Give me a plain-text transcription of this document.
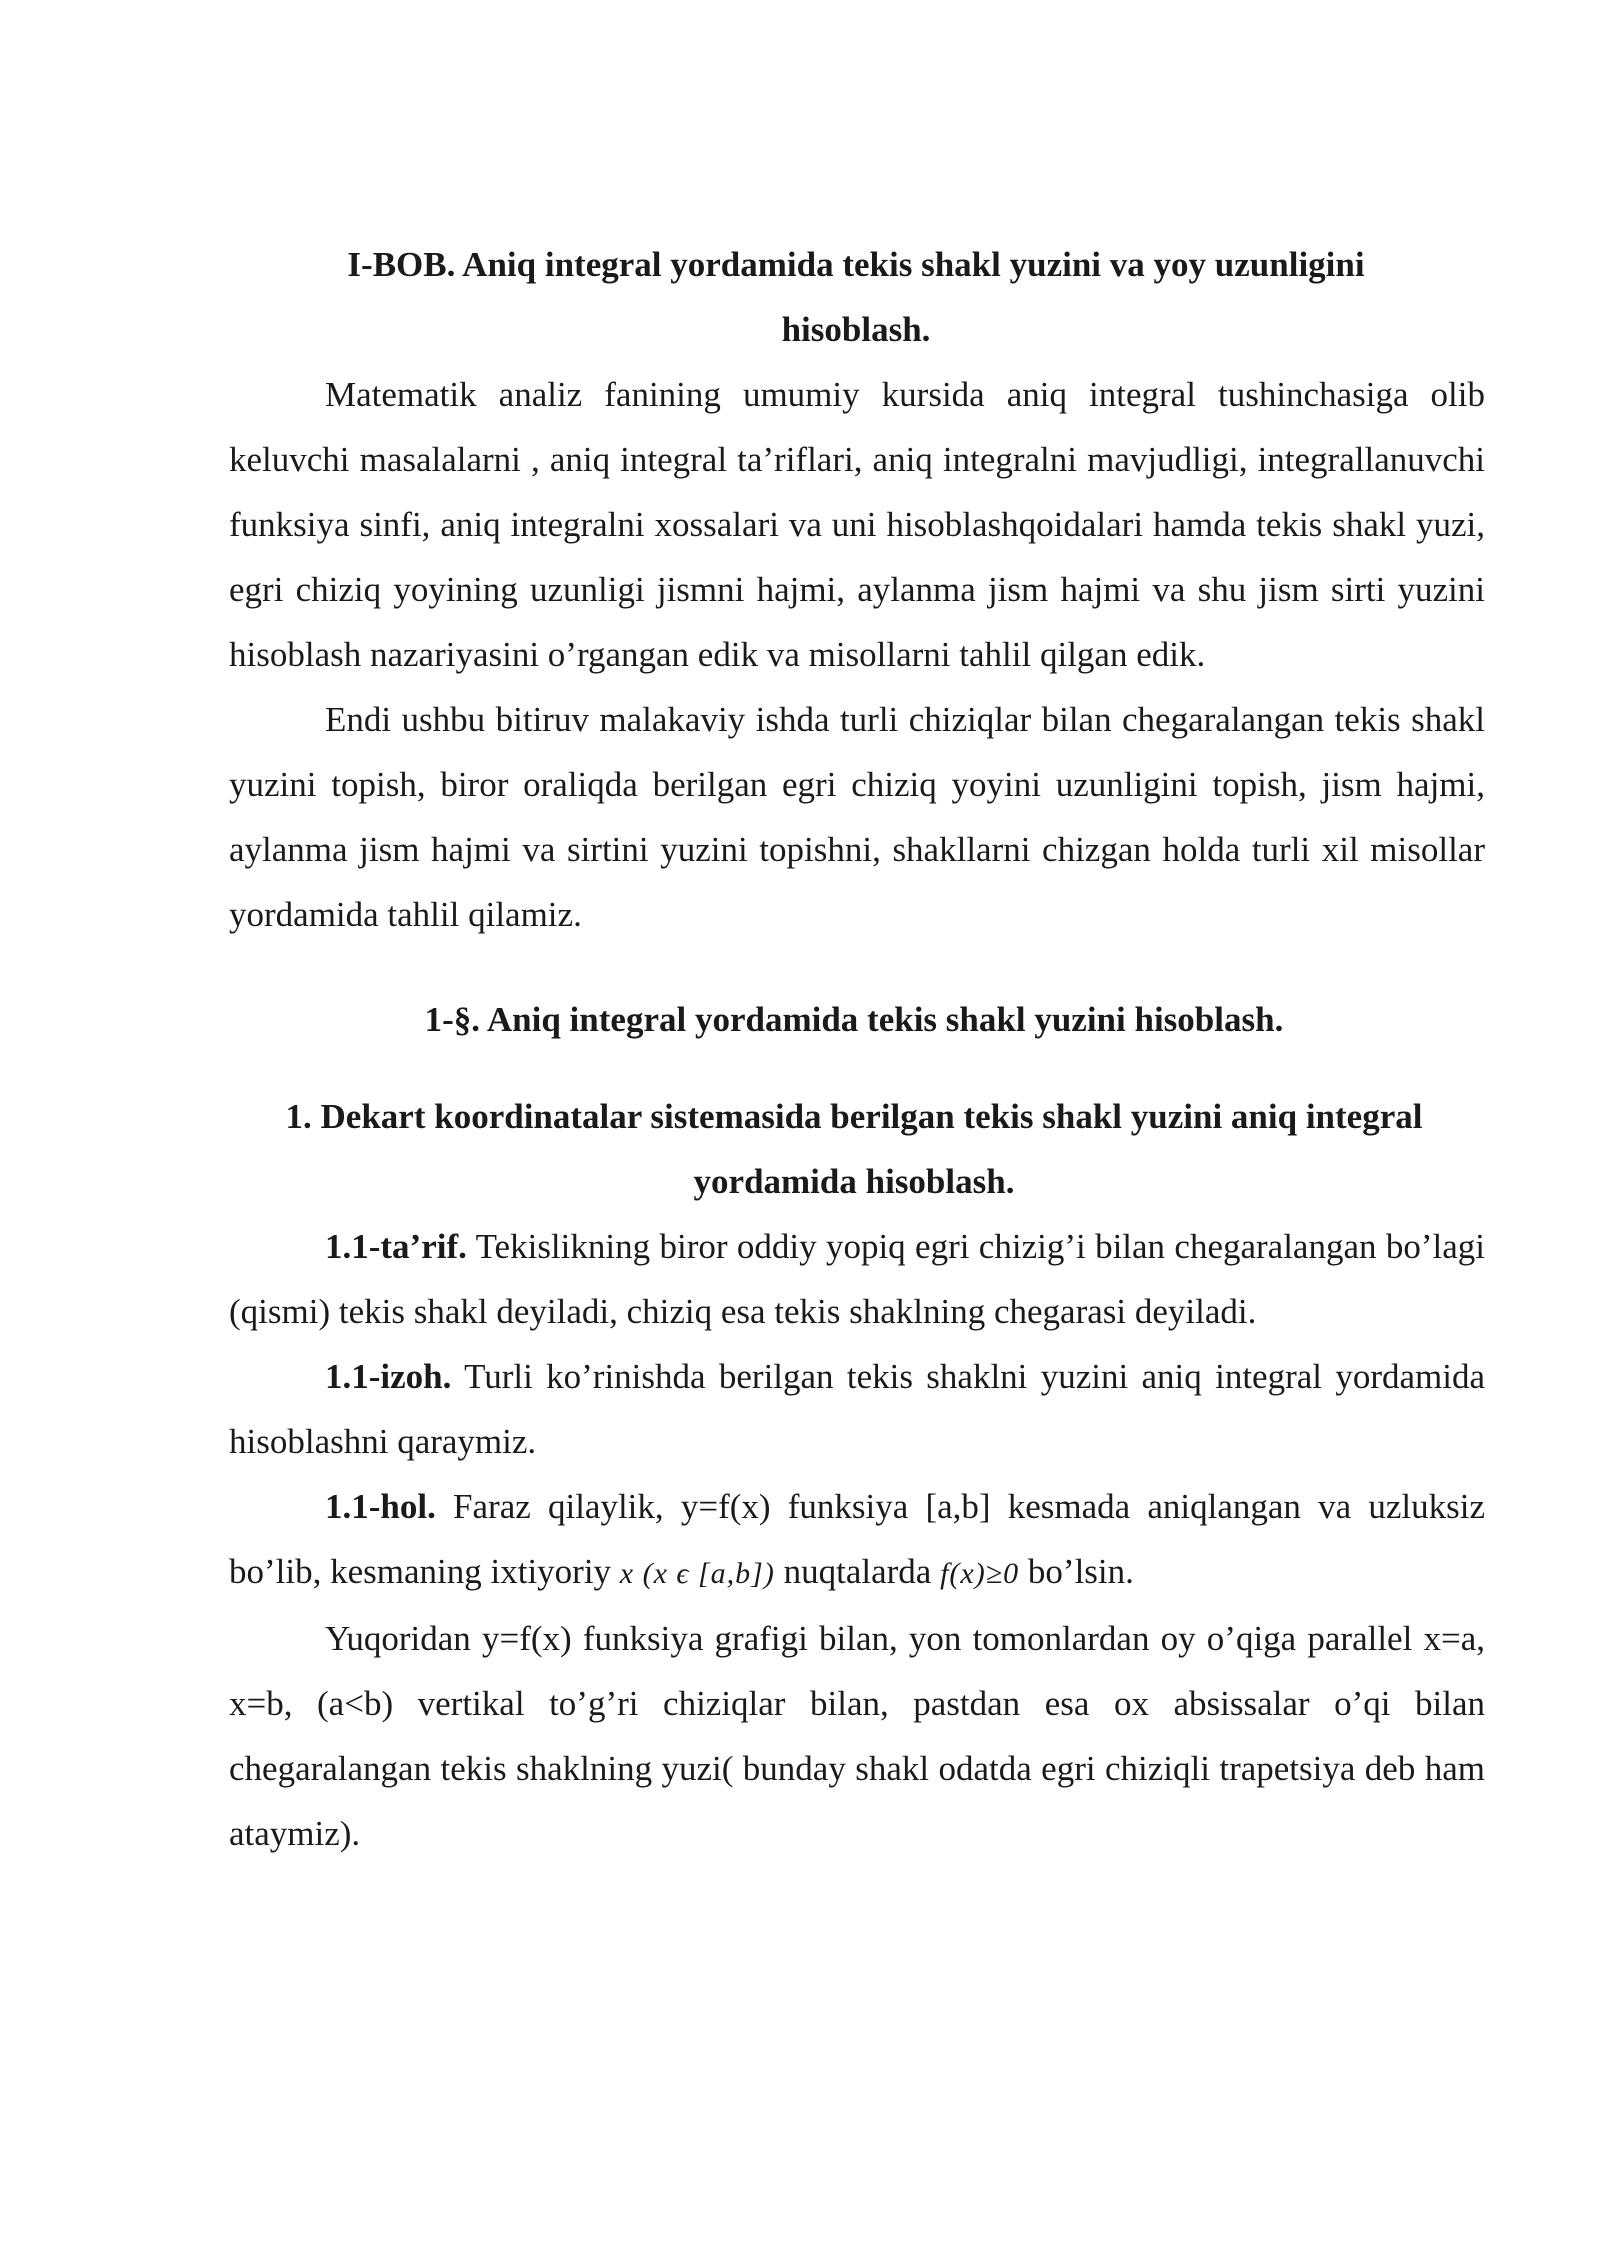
I-BOB. Aniq integral yordamida tekis shakl yuzini va yoy uzunligini
hisoblash.

Matematik analiz fanining umumiy kursida aniq integral tushinchasiga olib keluvchi masalalarni , aniq integral ta’riflari, aniq integralni mavjudligi, integrallanuvchi funksiya sinfi, aniq integralni xossalari va uni hisoblashqoidalari hamda tekis shakl yuzi, egri chiziq yoyining uzunligi jismni hajmi, aylanma jism hajmi va shu jism sirti yuzini hisoblash nazariyasini o’rgangan edik va misollarni tahlil qilgan edik.

Endi ushbu bitiruv malakaviy ishda turli chiziqlar bilan chegaralangan tekis shakl yuzini topish, biror oraliqda berilgan egri chiziq yoyini uzunligini topish, jism hajmi, aylanma jism hajmi va sirtini yuzini topishni, shakllarni chizgan holda turli xil misollar yordamida tahlil qilamiz.

1-§. Aniq integral yordamida tekis shakl yuzini hisoblash.
1. Dekart koordinatalar sistemasida berilgan tekis shakl yuzini aniq integral
yordamida hisoblash.

1.1-ta’rif. Tekislikning biror oddiy yopiq egri chizig’i bilan chegaralangan bo’lagi (qismi) tekis shakl deyiladi, chiziq esa tekis shaklning chegarasi deyiladi.

1.1-izoh. Turli ko’rinishda berilgan tekis shaklni yuzini aniq integral yordamida hisoblashni qaraymiz.

1.1-hol. Faraz qilaylik, y=f(x) funksiya [a,b] kesmada aniqlangan va uzluksiz bo’lib, kesmaning ixtiyoriy x (x ϵ [a,b]) nuqtalarda f(x)≥0 bo’lsin.

Yuqoridan y=f(x) funksiya grafigi bilan, yon tomonlardan oy o’qiga parallel x=a, x=b, (a<b) vertikal to’g’ri chiziqlar bilan, pastdan esa ox absissalar o’qi bilan chegaralangan tekis shaklning yuzi( bunday shakl odatda egri chiziqli trapetsiya deb ham ataymiz).
